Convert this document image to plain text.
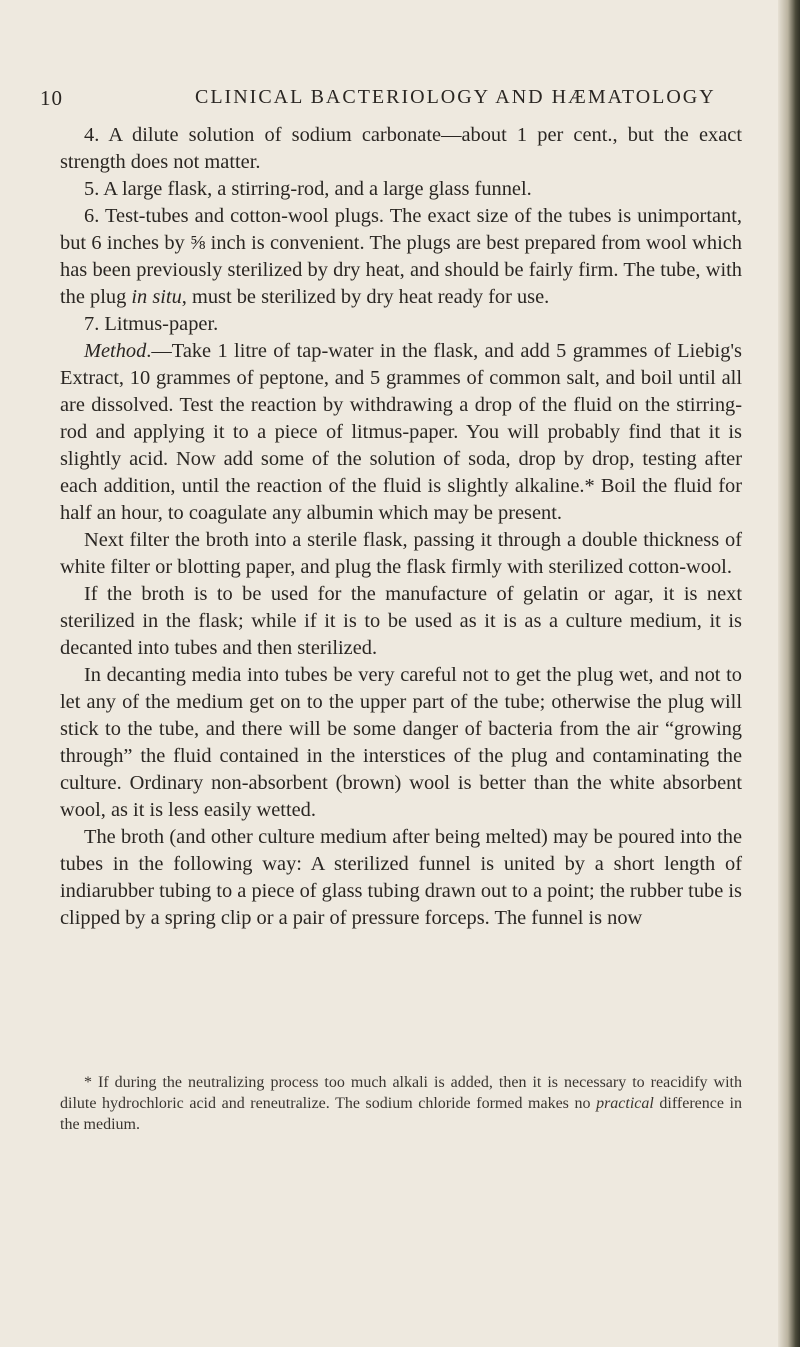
10	CLINICAL BACTERIOLOGY AND HÆMATOLOGY

4. A dilute solution of sodium carbonate—about 1 per cent., but the exact strength does not matter.

5. A large flask, a stirring-rod, and a large glass funnel.

6. Test-tubes and cotton-wool plugs. The exact size of the tubes is unimportant, but 6 inches by ⅝ inch is convenient. The plugs are best prepared from wool which has been previously sterilized by dry heat, and should be fairly firm. The tube, with the plug in situ, must be sterilized by dry heat ready for use.

7. Litmus-paper.

Method.—Take 1 litre of tap-water in the flask, and add 5 grammes of Liebig's Extract, 10 grammes of peptone, and 5 grammes of common salt, and boil until all are dissolved. Test the reaction by withdrawing a drop of the fluid on the stirring-rod and applying it to a piece of litmus-paper. You will probably find that it is slightly acid. Now add some of the solution of soda, drop by drop, testing after each addition, until the reaction of the fluid is slightly alkaline.* Boil the fluid for half an hour, to coagulate any albumin which may be present.

Next filter the broth into a sterile flask, passing it through a double thickness of white filter or blotting paper, and plug the flask firmly with sterilized cotton-wool.

If the broth is to be used for the manufacture of gelatin or agar, it is next sterilized in the flask; while if it is to be used as it is as a culture medium, it is decanted into tubes and then sterilized.

In decanting media into tubes be very careful not to get the plug wet, and not to let any of the medium get on to the upper part of the tube; otherwise the plug will stick to the tube, and there will be some danger of bacteria from the air “growing through” the fluid contained in the interstices of the plug and contaminating the culture. Ordinary non-absorbent (brown) wool is better than the white absorbent wool, as it is less easily wetted.

The broth (and other culture medium after being melted) may be poured into the tubes in the following way: A sterilized funnel is united by a short length of indiarubber tubing to a piece of glass tubing drawn out to a point; the rubber tube is clipped by a spring clip or a pair of pressure forceps. The funnel is now

* If during the neutralizing process too much alkali is added, then it is necessary to reacidify with dilute hydrochloric acid and reneutralize. The sodium chloride formed makes no practical difference in the medium.
